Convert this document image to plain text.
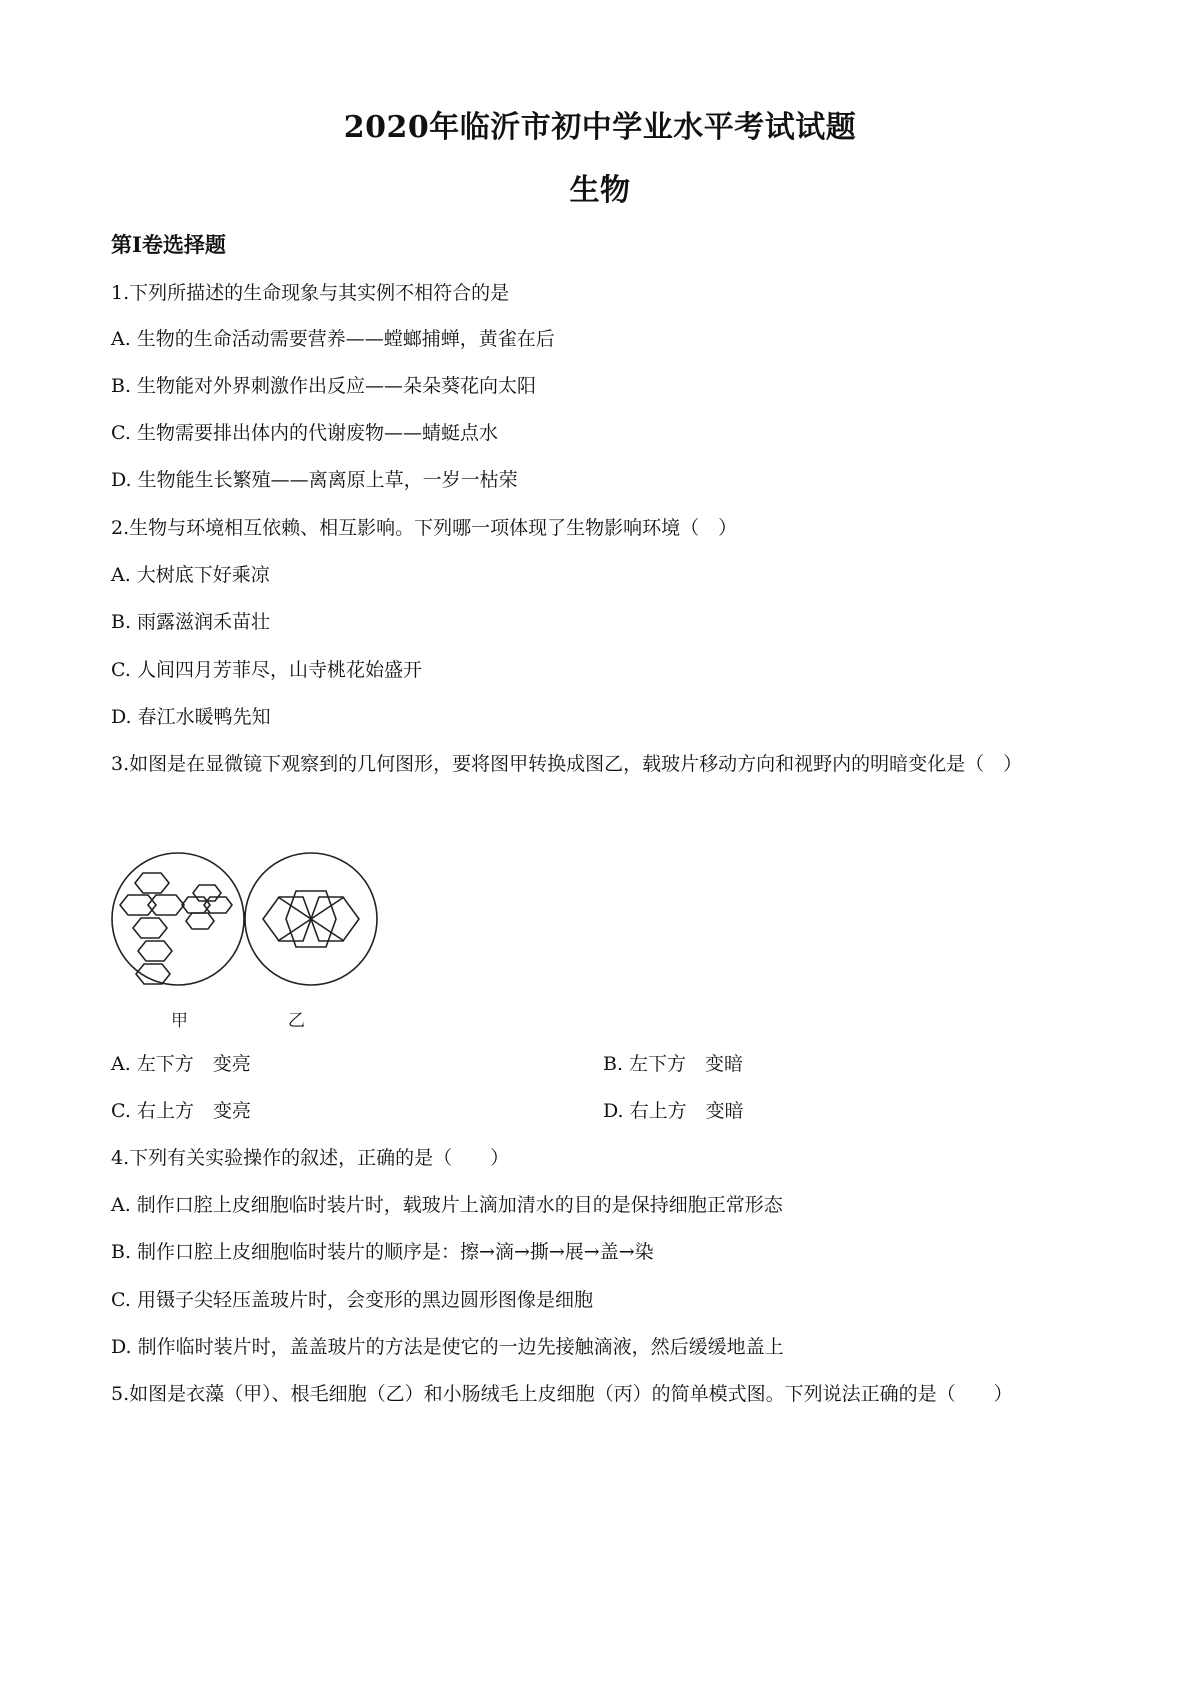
2020年临沂市初中学业水平考试试题
生物
第Ⅰ卷选择题
1.下列所描述的生命现象与其实例不相符合的是
A. 生物的生命活动需要营养——螳螂捕蝉，黄雀在后
B. 生物能对外界刺激作出反应——朵朵葵花向太阳
C. 生物需要排出体内的代谢废物——蜻蜓点水
D. 生物能生长繁殖——离离原上草，一岁一枯荣
2.生物与环境相互依赖、相互影响。下列哪一项体现了生物影响环境（　）
A. 大树底下好乘凉
B. 雨露滋润禾苗壮
C. 人间四月芳菲尽，山寺桃花始盛开
D. 春江水暖鸭先知
3.如图是在显微镜下观察到的几何图形，要将图甲转换成图乙，载玻片移动方向和视野内的明暗变化是（　）
甲	乙
A. 左下方　变亮	B. 左下方　变暗
C. 右上方　变亮	D. 右上方　变暗
4.下列有关实验操作的叙述，正确的是（　　）
A. 制作口腔上皮细胞临时装片时，载玻片上滴加清水的目的是保持细胞正常形态
B. 制作口腔上皮细胞临时装片的顺序是：擦→滴→撕→展→盖→染
C. 用镊子尖轻压盖玻片时，会变形的黑边圆形图像是细胞
D. 制作临时装片时，盖盖玻片的方法是使它的一边先接触滴液，然后缓缓地盖上
5.如图是衣藻（甲）、根毛细胞（乙）和小肠绒毛上皮细胞（丙）的简单模式图。下列说法正确的是（　　）
